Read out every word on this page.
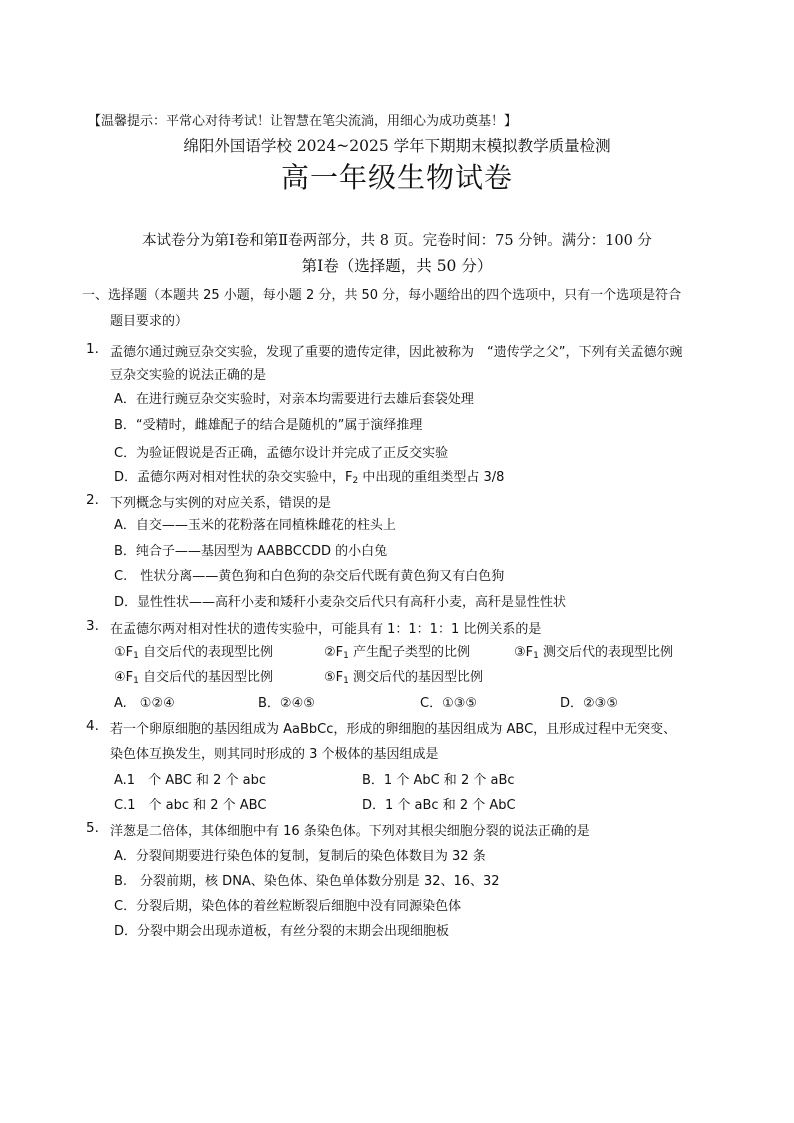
【温馨提示：平常心对待考试！让智慧在笔尖流淌，用细心为成功奠基！】
绵阳外国语学校 2024~2025 学年下期期末模拟教学质量检测
高一年级生物试卷
本试卷分为第Ⅰ卷和第Ⅱ卷两部分，共 8 页。完卷时间：75 分钟。满分：100 分
第Ⅰ卷（选择题，共 50 分）
一、选择题（本题共 25 小题，每小题 2 分，共 50 分，每小题给出的四个选项中，只有一个选项是符合
题目要求的）
1. 孟德尔通过豌豆杂交实验，发现了重要的遗传定律，因此被称为　“遗传学之父”，下列有关孟德尔豌
豆杂交实验的说法正确的是
A．在进行豌豆杂交实验时，对亲本均需要进行去雄后套袋处理
B．“受精时，雌雄配子的结合是随机的”属于演绎推理
C．为验证假说是否正确，孟德尔设计并完成了正反交实验
D．孟德尔两对相对性状的杂交实验中，$F_2$ 中出现的重组类型占 3/8
2. 下列概念与实例的对应关系，错误的是
A．自交——玉米的花粉落在同植株雌花的柱头上
B．纯合子——基因型为 AABBCCDD 的小白兔
C.　性状分离——黄色狗和白色狗的杂交后代既有黄色狗又有白色狗
D．显性性状——高秆小麦和矮秆小麦杂交后代只有高秆小麦，高秆是显性性状
3. 在孟德尔两对相对性状的遗传实验中，可能具有 1：1：1：1 比例关系的是
$①F_1$ 自交后代的表现型比例	$②F_1$ 产生配子类型的比例	$③F_1$ 测交后代的表现型比例
$④F_1$ 自交后代的基因型比例	$⑤F_1$ 测交后代的基因型比例
A.　①②④	B．②④⑤	C．①③⑤	D．②③⑤
4. 若一个卵原细胞的基因组成为 AaBbCc，形成的卵细胞的基因组成为 ABC，且形成过程中无突变、
染色体互换发生，则其同时形成的 3 个极体的基因组成是
A.1　个 ABC 和 2 个 abc	B．1 个 AbC 和 2 个 aBc
C.1　个 abc 和 2 个 ABC	D．1 个 aBc 和 2 个 AbC
5. 洋葱是二倍体，其体细胞中有 16 条染色体。下列对其根尖细胞分裂的说法正确的是
A．分裂间期要进行染色体的复制，复制后的染色体数目为 32 条
B.　分裂前期，核 DNA、染色体、染色单体数分别是 32、16、32
C．分裂后期，染色体的着丝粒断裂后细胞中没有同源染色体
D．分裂中期会出现赤道板，有丝分裂的末期会出现细胞板
